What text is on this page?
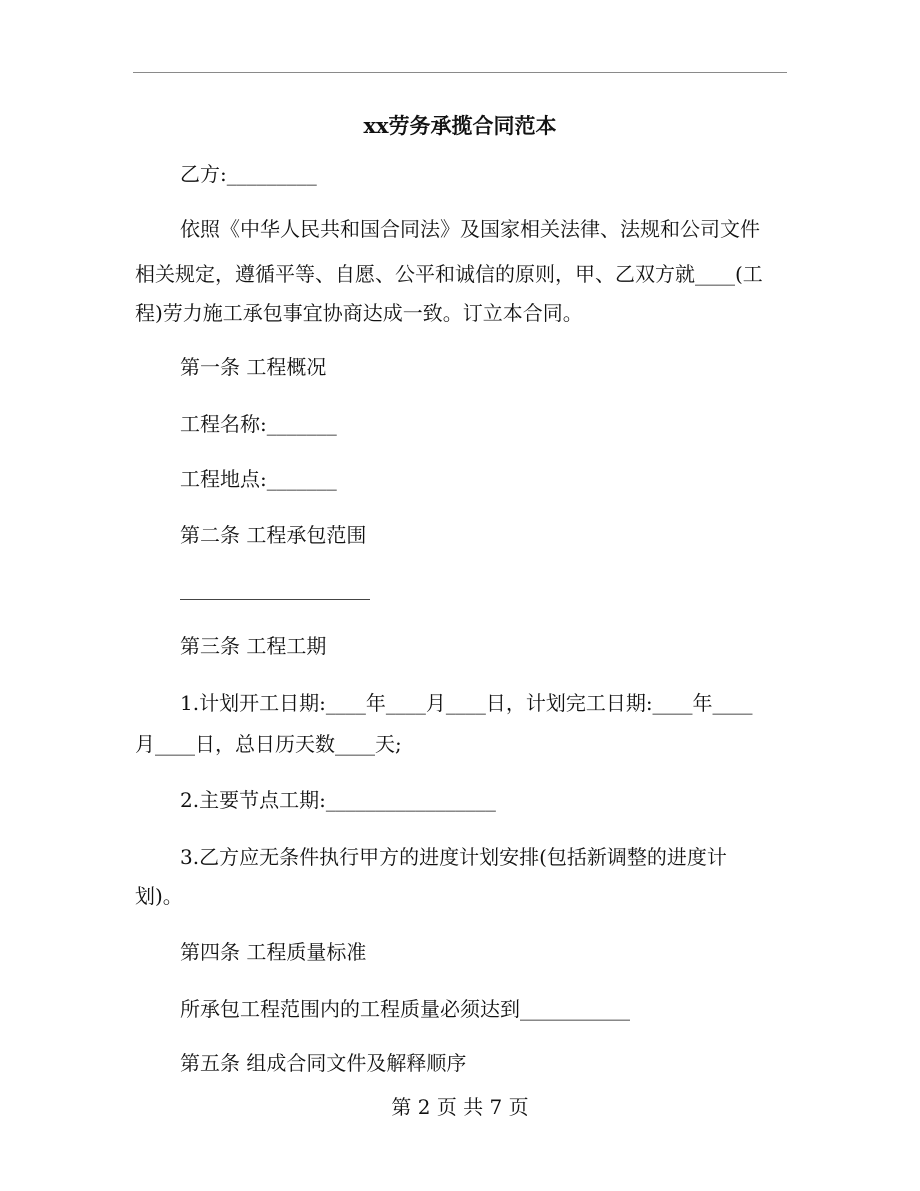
xx劳务承揽合同范本
乙方:_________
依照《中华人民共和国合同法》及国家相关法律、法规和公司文件
相关规定，遵循平等、自愿、公平和诚信的原则，甲、乙双方就____(工
程)劳力施工承包事宜协商达成一致。订立本合同。
第一条 工程概况
工程名称:_______
工程地点:_______
第二条 工程承包范围
第三条 工程工期
1.计划开工日期:____年____月____日，计划完工日期:____年____
月____日，总日历天数____天;
2.主要节点工期:_________________
3.乙方应无条件执行甲方的进度计划安排(包括新调整的进度计
划)。
第四条 工程质量标准
所承包工程范围内的工程质量必须达到___________
第五条 组成合同文件及解释顺序
第 2 页 共 7 页
